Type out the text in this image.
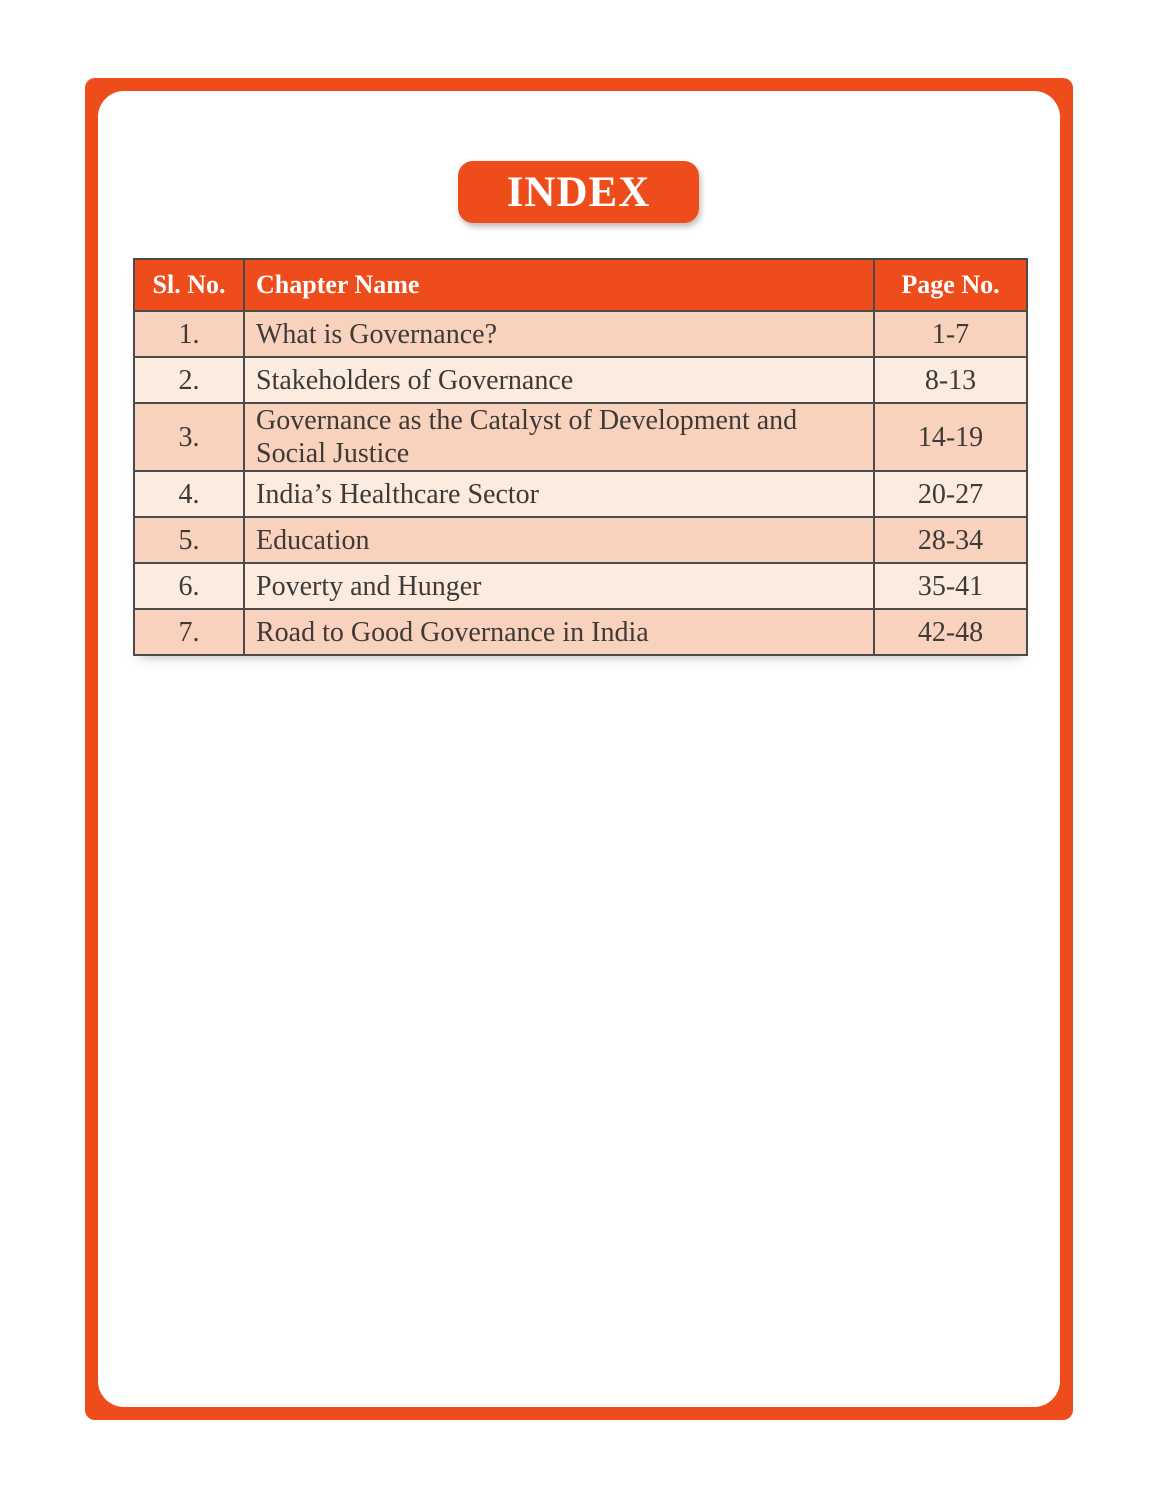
INDEX
Sl. No.	Chapter Name	Page No.
1.	What is Governance?	1-7
2.	Stakeholders of Governance	8-13
3.	Governance as the Catalyst of Development and Social Justice	14-19
4.	India’s Healthcare Sector	20-27
5.	Education	28-34
6.	Poverty and Hunger	35-41
7.	Road to Good Governance in India	42-48
